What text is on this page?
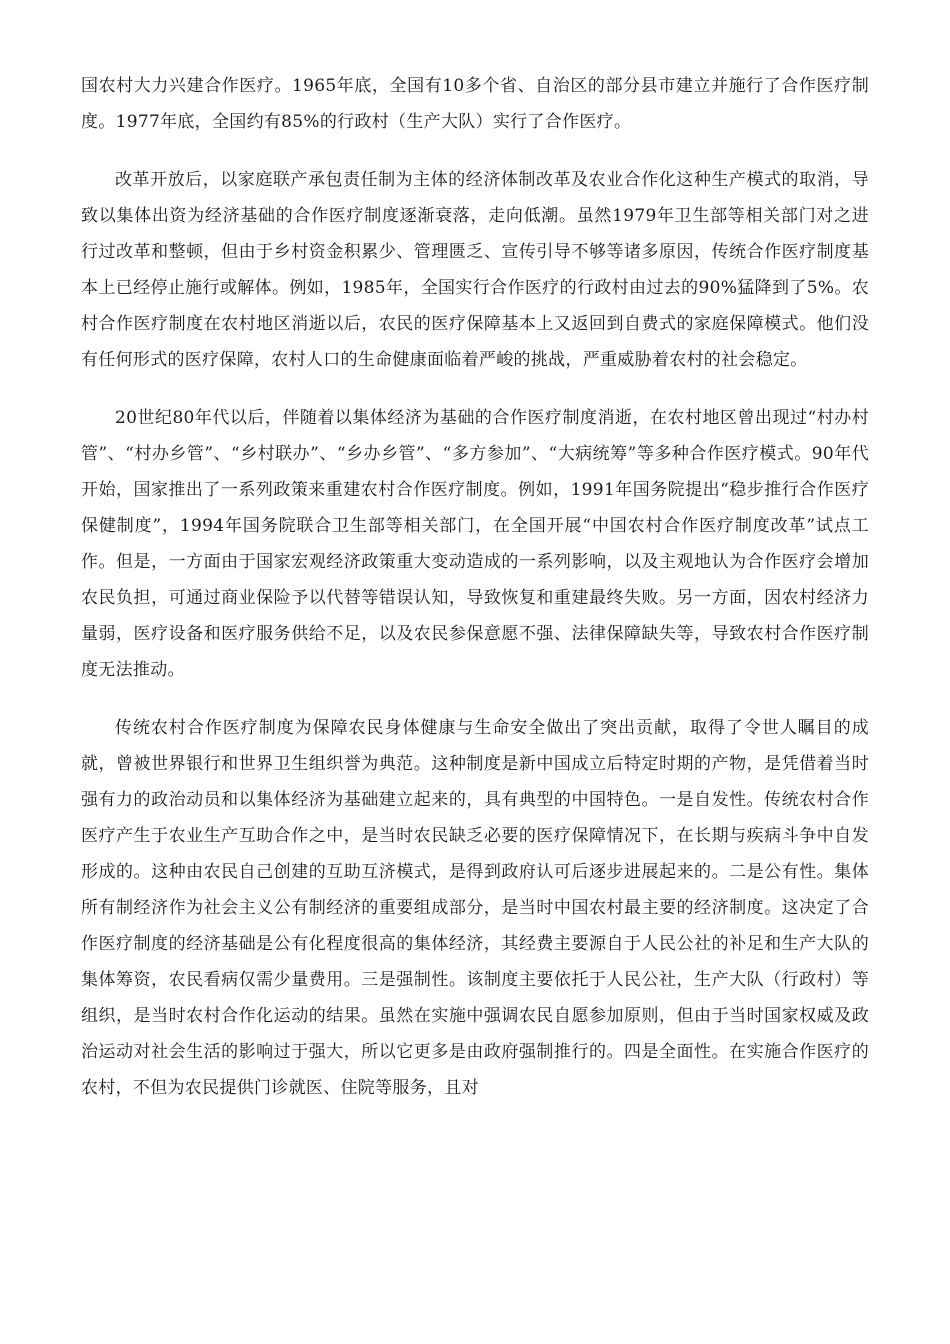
国农村大力兴建合作医疗。1965年底，全国有10多个省、自治区的部分县市建立并施行了合作医疗制度。1977年底，全国约有85%的行政村（生产大队）实行了合作医疗。

改革开放后，以家庭联产承包责任制为主体的经济体制改革及农业合作化这种生产模式的取消，导致以集体出资为经济基础的合作医疗制度逐渐衰落，走向低潮。虽然1979年卫生部等相关部门对之进行过改革和整顿，但由于乡村资金积累少、管理匮乏、宣传引导不够等诸多原因，传统合作医疗制度基本上已经停止施行或解体。例如，1985年，全国实行合作医疗的行政村由过去的90%猛降到了5%。农村合作医疗制度在农村地区消逝以后，农民的医疗保障基本上又返回到自费式的家庭保障模式。他们没有任何形式的医疗保障，农村人口的生命健康面临着严峻的挑战，严重威胁着农村的社会稳定。

20世纪80年代以后，伴随着以集体经济为基础的合作医疗制度消逝，在农村地区曾出现过“村办村管”、“村办乡管”、“乡村联办”、“乡办乡管”、“多方参加”、“大病统筹”等多种合作医疗模式。90年代开始，国家推出了一系列政策来重建农村合作医疗制度。例如，1991年国务院提出“稳步推行合作医疗保健制度”，1994年国务院联合卫生部等相关部门，在全国开展“中国农村合作医疗制度改革”试点工作。但是，一方面由于国家宏观经济政策重大变动造成的一系列影响，以及主观地认为合作医疗会增加农民负担，可通过商业保险予以代替等错误认知，导致恢复和重建最终失败。另一方面，因农村经济力量弱，医疗设备和医疗服务供给不足，以及农民参保意愿不强、法律保障缺失等，导致农村合作医疗制度无法推动。

传统农村合作医疗制度为保障农民身体健康与生命安全做出了突出贡献，取得了令世人瞩目的成就，曾被世界银行和世界卫生组织誉为典范。这种制度是新中国成立后特定时期的产物，是凭借着当时强有力的政治动员和以集体经济为基础建立起来的，具有典型的中国特色。一是自发性。传统农村合作医疗产生于农业生产互助合作之中，是当时农民缺乏必要的医疗保障情况下，在长期与疾病斗争中自发形成的。这种由农民自己创建的互助互济模式，是得到政府认可后逐步进展起来的。二是公有性。集体所有制经济作为社会主义公有制经济的重要组成部分，是当时中国农村最主要的经济制度。这决定了合作医疗制度的经济基础是公有化程度很高的集体经济，其经费主要源自于人民公社的补足和生产大队的集体筹资，农民看病仅需少量费用。三是强制性。该制度主要依托于人民公社，生产大队（行政村）等组织，是当时农村合作化运动的结果。虽然在实施中强调农民自愿参加原则，但由于当时国家权威及政治运动对社会生活的影响过于强大，所以它更多是由政府强制推行的。四是全面性。在实施合作医疗的农村，不但为农民提供门诊就医、住院等服务，且对
